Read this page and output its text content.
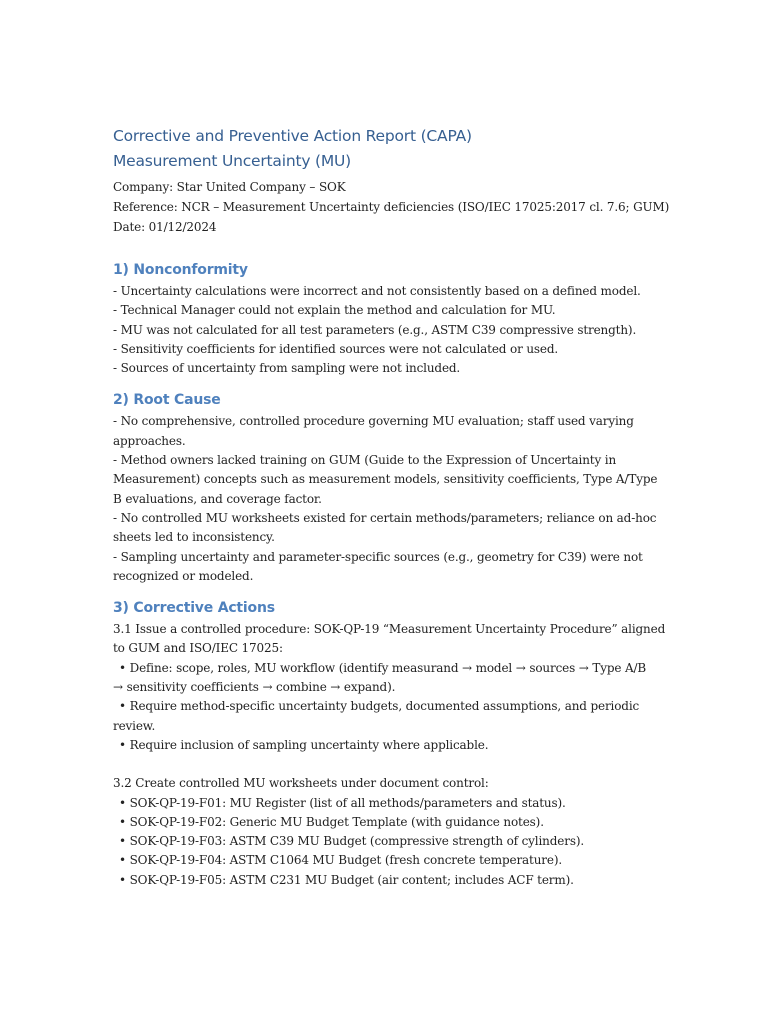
Corrective and Preventive Action Report (CAPA)
Measurement Uncertainty (MU)

Company: Star United Company – SOK

Reference: NCR – Measurement Uncertainty deficiencies (ISO/IEC 17025:2017 cl. 7.6; GUM)

Date: 01/12/2024

1) Nonconformity

- Uncertainty calculations were incorrect and not consistently based on a defined model.

- Technical Manager could not explain the method and calculation for MU.

- MU was not calculated for all test parameters (e.g., ASTM C39 compressive strength).

- Sensitivity coefficients for identified sources were not calculated or used.

- Sources of uncertainty from sampling were not included.

2) Root Cause

- No comprehensive, controlled procedure governing MU evaluation; staff used varying

approaches.

- Method owners lacked training on GUM (Guide to the Expression of Uncertainty in

Measurement) concepts such as measurement models, sensitivity coefficients, Type A/Type

B evaluations, and coverage factor.

- No controlled MU worksheets existed for certain methods/parameters; reliance on ad-hoc

sheets led to inconsistency.

- Sampling uncertainty and parameter-specific sources (e.g., geometry for C39) were not

recognized or modeled.

3) Corrective Actions

3.1 Issue a controlled procedure: SOK-QP-19 “Measurement Uncertainty Procedure” aligned

to GUM and ISO/IEC 17025:

• Define: scope, roles, MU workflow (identify measurand → model → sources → Type A/B

→ sensitivity coefficients → combine → expand).

• Require method-specific uncertainty budgets, documented assumptions, and periodic

review.

• Require inclusion of sampling uncertainty where applicable.

3.2 Create controlled MU worksheets under document control:

• SOK-QP-19-F01: MU Register (list of all methods/parameters and status).

• SOK-QP-19-F02: Generic MU Budget Template (with guidance notes).

• SOK-QP-19-F03: ASTM C39 MU Budget (compressive strength of cylinders).

• SOK-QP-19-F04: ASTM C1064 MU Budget (fresh concrete temperature).

• SOK-QP-19-F05: ASTM C231 MU Budget (air content; includes ACF term).
